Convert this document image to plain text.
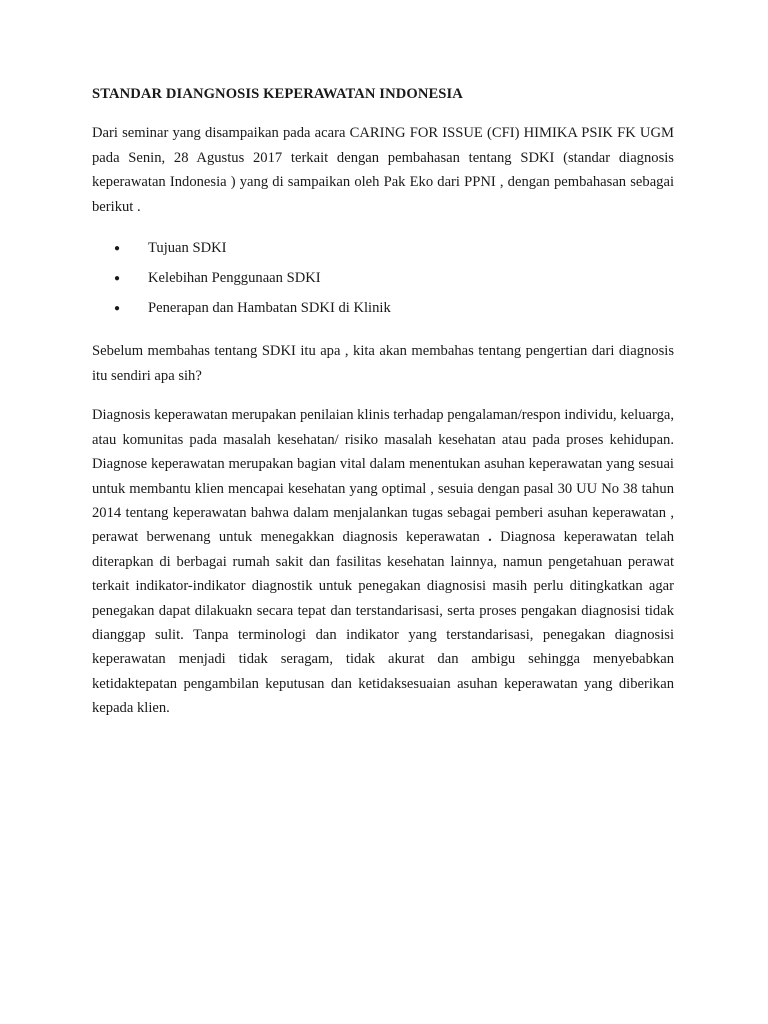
STANDAR DIANGNOSIS KEPERAWATAN INDONESIA

Dari seminar yang disampaikan pada acara CARING FOR ISSUE (CFI) HIMIKA PSIK FK UGM pada Senin, 28 Agustus 2017 terkait dengan pembahasan tentang SDKI (standar diagnosis keperawatan Indonesia ) yang di sampaikan oleh Pak Eko dari PPNI , dengan pembahasan sebagai berikut .

●	Tujuan SDKI
●	Kelebihan Penggunaan SDKI
●	Penerapan dan Hambatan SDKI di Klinik

Sebelum membahas tentang SDKI itu apa , kita akan membahas tentang pengertian dari diagnosis itu sendiri apa sih?

Diagnosis keperawatan merupakan penilaian klinis terhadap pengalaman/respon individu, keluarga, atau komunitas pada masalah kesehatan/ risiko masalah kesehatan atau pada proses kehidupan. Diagnose keperawatan merupakan bagian vital dalam menentukan asuhan keperawatan yang sesuai untuk membantu klien mencapai kesehatan yang optimal , sesuia dengan pasal 30 UU No 38 tahun 2014 tentang keperawatan bahwa dalam menjalankan tugas sebagai pemberi asuhan keperawatan , perawat berwenang untuk menegakkan diagnosis keperawatan . Diagnosa keperawatan telah diterapkan di berbagai rumah sakit dan fasilitas kesehatan lainnya, namun pengetahuan perawat terkait indikator-indikator diagnostik untuk penegakan diagnosisi masih perlu ditingkatkan agar penegakan dapat dilakuakn secara tepat dan terstandarisasi, serta proses pengakan diagnosisi tidak dianggap sulit. Tanpa terminologi dan indikator yang terstandarisasi, penegakan diagnosisi keperawatan menjadi tidak seragam, tidak akurat dan ambigu sehingga menyebabkan ketidaktepatan pengambilan keputusan dan ketidaksesuaian asuhan keperawatan yang diberikan kepada klien.
